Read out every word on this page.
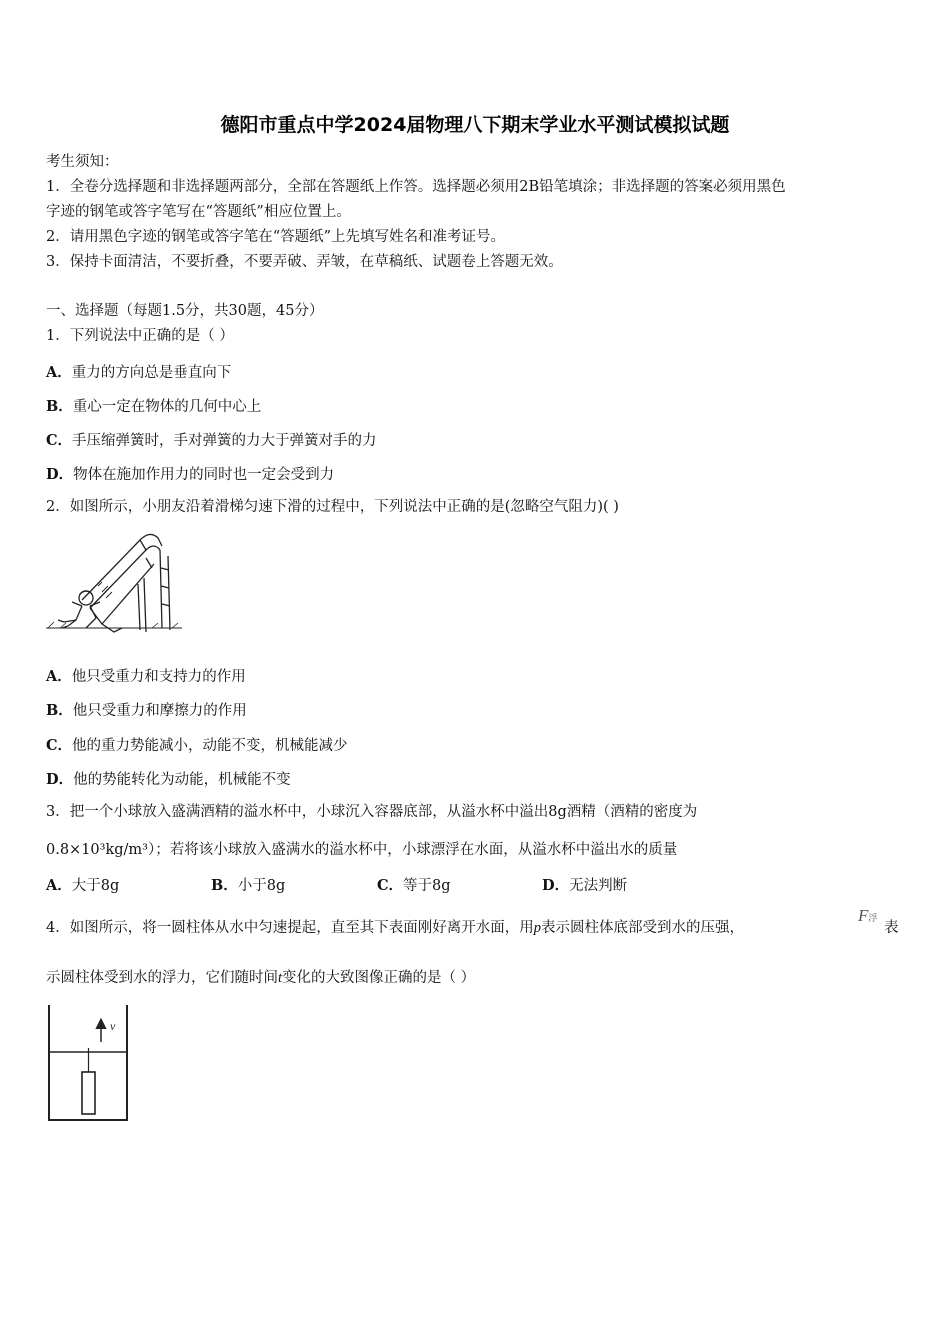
德阳市重点中学2024届物理八下期末学业水平测试模拟试题
考生须知：
1．全卷分选择题和非选择题两部分，全部在答题纸上作答。选择题必须用2B铅笔填涂；非选择题的答案必须用黑色
字迹的钢笔或答字笔写在“答题纸”相应位置上。
2．请用黑色字迹的钢笔或答字笔在“答题纸”上先填写姓名和准考证号。
3．保持卡面清洁，不要折叠，不要弄破、弄皱，在草稿纸、试题卷上答题无效。
一、选择题（每题1.5分，共30题，45分）
1．下列说法中正确的是（ ）
A．重力的方向总是垂直向下
B．重心一定在物体的几何中心上
C．手压缩弹簧时，手对弹簧的力大于弹簧对手的力
D．物体在施加作用力的同时也一定会受到力
2．如图所示，小朋友沿着滑梯匀速下滑的过程中，下列说法中正确的是(忽略空气阻力)( )
A．他只受重力和支持力的作用
B．他只受重力和摩擦力的作用
C．他的重力势能减小，动能不变，机械能减少
D．他的势能转化为动能，机械能不变
3．把一个小球放入盛满酒精的溢水杯中，小球沉入容器底部，从溢水杯中溢出8g酒精（酒精的密度为
0.8×10³kg/m³）；若将该小球放入盛满水的溢水杯中，小球漂浮在水面，从溢水杯中溢出水的质量
A．大于8g	B．小于8g	C．等于8g	D．无法判断
4．如图所示，将一圆柱体从水中匀速提起，直至其下表面刚好离开水面，用p表示圆柱体底部受到水的压强，
F浮
表
示圆柱体受到水的浮力，它们随时间t变化的大致图像正确的是（ ）
v
